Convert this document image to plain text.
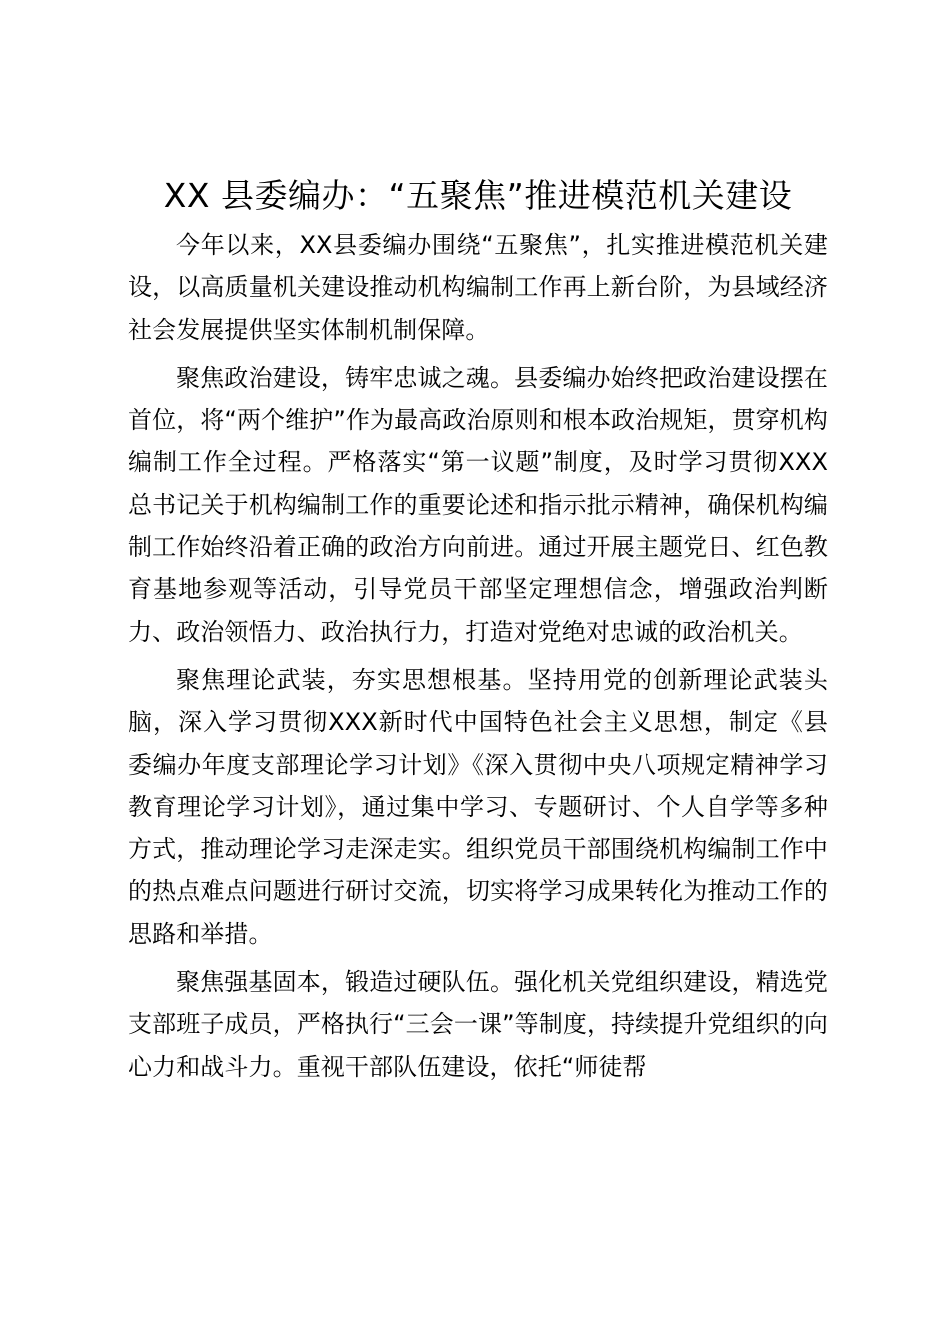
XX 县委编办：“五聚焦”推进模范机关建设

今年以来，XX县委编办围绕“五聚焦”，扎实推进模范机关建设，以高质量机关建设推动机构编制工作再上新台阶，为县域经济社会发展提供坚实体制机制保障。

聚焦政治建设，铸牢忠诚之魂。县委编办始终把政治建设摆在首位，将“两个维护”作为最高政治原则和根本政治规矩，贯穿机构编制工作全过程。严格落实“第一议题”制度，及时学习贯彻XXX总书记关于机构编制工作的重要论述和指示批示精神，确保机构编制工作始终沿着正确的政治方向前进。通过开展主题党日、红色教育基地参观等活动，引导党员干部坚定理想信念，增强政治判断力、政治领悟力、政治执行力，打造对党绝对忠诚的政治机关。

聚焦理论武装，夯实思想根基。坚持用党的创新理论武装头脑，深入学习贯彻XXX新时代中国特色社会主义思想，制定《县委编办年度支部理论学习计划》《深入贯彻中央八项规定精神学习教育理论学习计划》，通过集中学习、专题研讨、个人自学等多种方式，推动理论学习走深走实。组织党员干部围绕机构编制工作中的热点难点问题进行研讨交流，切实将学习成果转化为推动工作的思路和举措。

聚焦强基固本，锻造过硬队伍。强化机关党组织建设，精选党支部班子成员，严格执行“三会一课”等制度，持续提升党组织的向心力和战斗力。重视干部队伍建设，依托“师徒帮
